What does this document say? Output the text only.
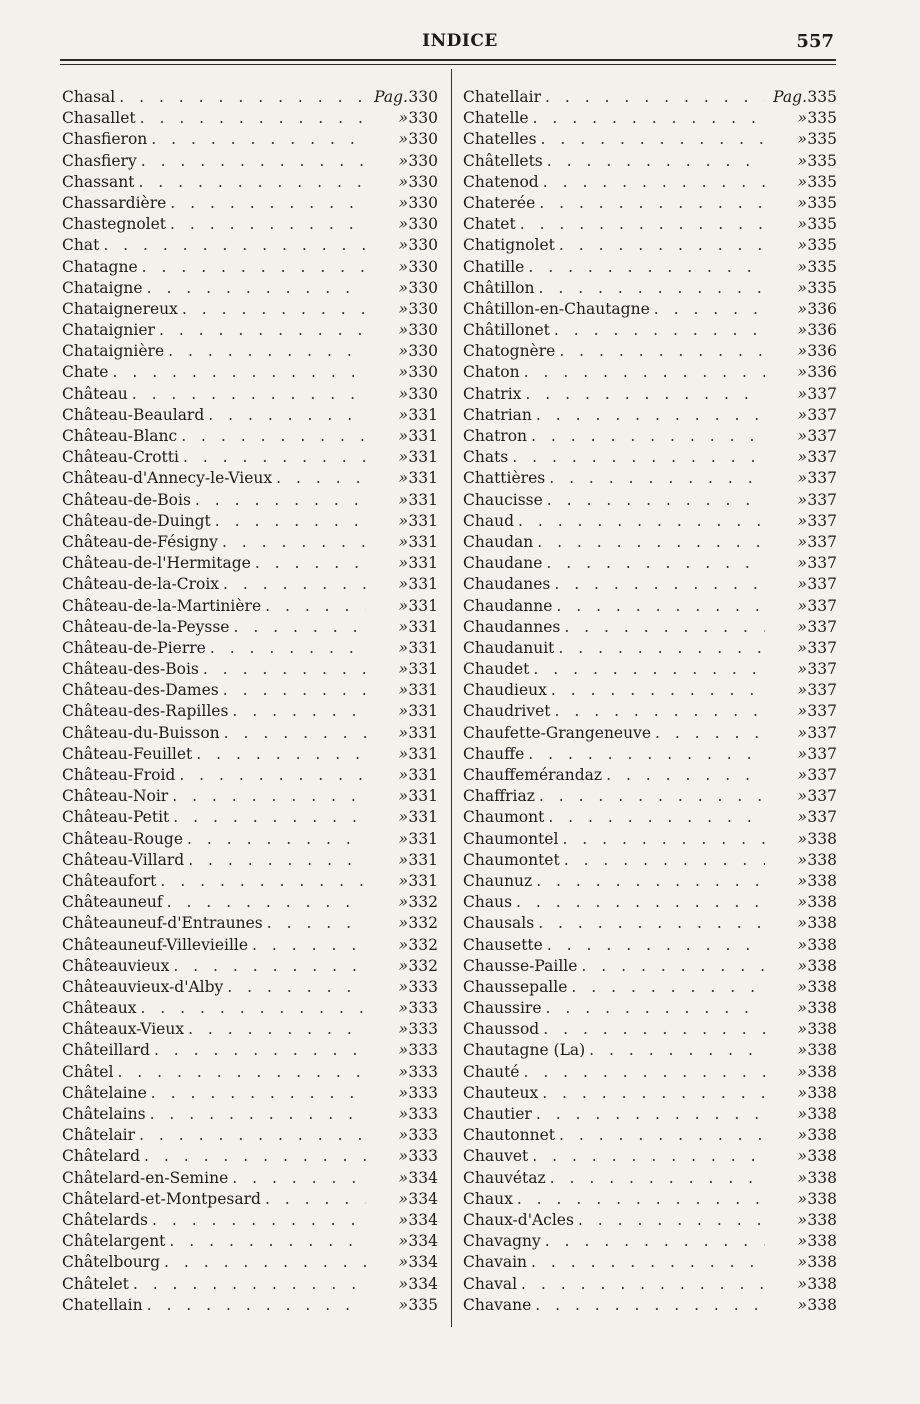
INDICE	557
Chasal . . .	Pag. 330
Chasallet . . .	» 330
Chasfieron . . .	» 330
Chasfiery . . .	» 330
Chassant . . .	» 330
Chassardière . . .	» 330
Chastegnolet . . .	» 330
Chat . . .	» 330
Chatagne . . .	» 330
Chataigne . . .	» 330
Chataignereux . . .	» 330
Chataignier . . .	» 330
Chataignière . . .	» 330
Chate . . .	» 330
Château . . .	» 330
Château-Beaulard . . .	» 331
Château-Blanc . . .	» 331
Château-Crotti . . .	» 331
Château-d'Annecy-le-Vieux . . .	» 331
Château-de-Bois . . .	» 331
Château-de-Duingt . . .	» 331
Château-de-Fésigny . . .	» 331
Château-de-l'Hermitage . . .	» 331
Château-de-la-Croix . . .	» 331
Château-de-la-Martinière . . .	» 331
Château-de-la-Peysse . . .	» 331
Château-de-Pierre . . .	» 331
Château-des-Bois . . .	» 331
Château-des-Dames . . .	» 331
Château-des-Rapilles . . .	» 331
Château-du-Buisson . . .	» 331
Château-Feuillet . . .	» 331
Château-Froid . . .	» 331
Château-Noir . . .	» 331
Château-Petit . . .	» 331
Château-Rouge . . .	» 331
Château-Villard . . .	» 331
Châteaufort . . .	» 331
Châteauneuf . . .	» 332
Châteauneuf-d'Entraunes . . .	» 332
Châteauneuf-Villevieille . . .	» 332
Châteauvieux . . .	» 332
Châteauvieux-d'Alby . . .	» 333
Châteaux . . .	» 333
Châteaux-Vieux . . .	» 333
Châteillard . . .	» 333
Châtel . . .	» 333
Châtelaine . . .	» 333
Châtelains . . .	» 333
Châtelair . . .	» 333
Châtelard . . .	» 333
Châtelard-en-Semine . . .	» 334
Châtelard-et-Montpesard . . .	» 334
Châtelards . . .	» 334
Châtelargent . . .	» 334
Châtelbourg . . .	» 334
Châtelet . . .	» 334
Chatellain . . .	» 335
Chatellair . . .	Pag. 335
Chatelle . . .	» 335
Chatelles . . .	» 335
Châtellets . . .	» 335
Chatenod . . .	» 335
Chaterée . . .	» 335
Chatet . . .	» 335
Chatignolet . . .	» 335
Chatille . . .	» 335
Châtillon . . .	» 335
Châtillon-en-Chautagne . . .	» 336
Châtillonet . . .	» 336
Chatognère . . .	» 336
Chaton . . .	» 336
Chatrix . . .	» 337
Chatrian . . .	» 337
Chatron . . .	» 337
Chats . . .	» 337
Chattières . . .	» 337
Chaucisse . . .	» 337
Chaud . . .	» 337
Chaudan . . .	» 337
Chaudane . . .	» 337
Chaudanes . . .	» 337
Chaudanne . . .	» 337
Chaudannes . . .	» 337
Chaudanuit . . .	» 337
Chaudet . . .	» 337
Chaudieux . . .	» 337
Chaudrivet . . .	» 337
Chaufette-Grangeneuve . . .	» 337
Chauffe . . .	» 337
Chauffemérandaz . . .	» 337
Chaffriaz . . .	» 337
Chaumont . . .	» 337
Chaumontel . . .	» 338
Chaumontet . . .	» 338
Chaunuz . . .	» 338
Chaus . . .	» 338
Chausals . . .	» 338
Chausette . . .	» 338
Chausse-Paille . . .	» 338
Chaussepalle . . .	» 338
Chaussire . . .	» 338
Chaussod . . .	» 338
Chautagne (La) . . .	» 338
Chauté . . .	» 338
Chauteux . . .	» 338
Chautier . . .	» 338
Chautonnet . . .	» 338
Chauvet . . .	» 338
Chauvétaz . . .	» 338
Chaux . . .	» 338
Chaux-d'Acles . . .	» 338
Chavagny . . .	» 338
Chavain . . .	» 338
Chaval . . .	» 338
Chavane . . .	» 338
